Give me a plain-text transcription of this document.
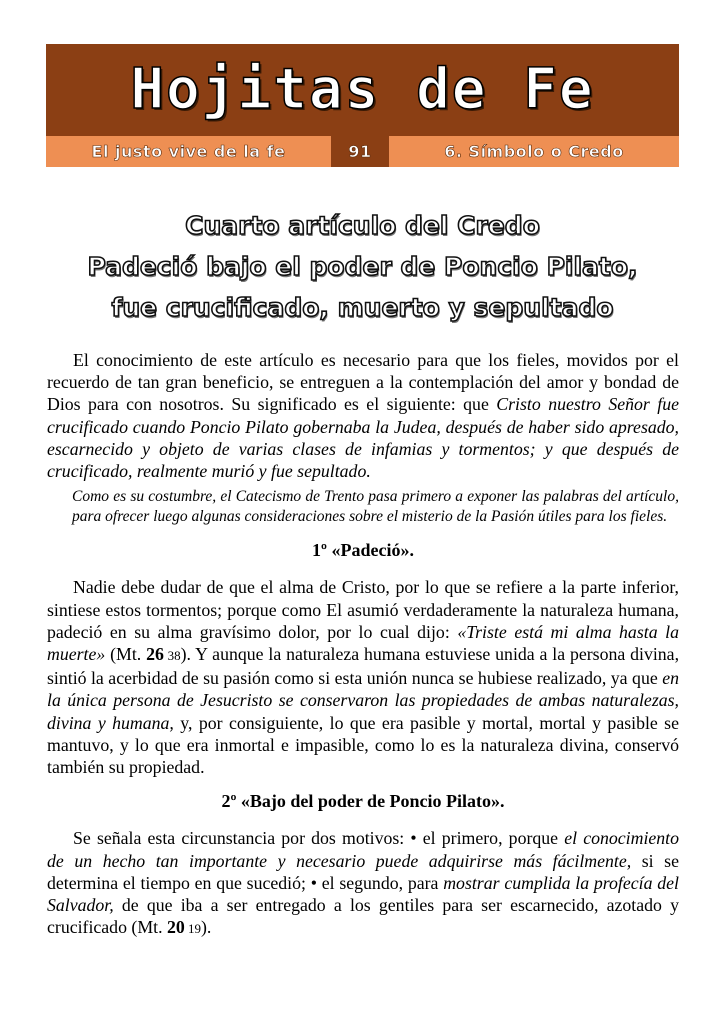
Hojitas de Fe
El justo vive de la fe	91	6. Símbolo o Credo
Cuarto artículo del Credo
Padeció bajo el poder de Poncio Pilato,
fue crucificado, muerto y sepultado

El conocimiento de este artículo es necesario para que los fieles, movidos por el recuerdo de tan gran beneficio, se entreguen a la contemplación del amor y bondad de Dios para con nosotros. Su significado es el siguiente: que Cristo nuestro Señor fue crucificado cuando Poncio Pilato gobernaba la Judea, después de haber sido apresado, escarnecido y objeto de varias clases de infamias y tormentos; y que después de crucificado, realmente murió y fue sepultado.

Como es su costumbre, el Catecismo de Trento pasa primero a exponer las palabras del artículo, para ofrecer luego algunas consideraciones sobre el misterio de la Pasión útiles para los fieles.

1º «Padeció».

Nadie debe dudar de que el alma de Cristo, por lo que se refiere a la parte inferior, sintiese estos tormentos; porque como El asumió verdaderamente la naturaleza humana, padeció en su alma gravísimo dolor, por lo cual dijo: «Triste está mi alma hasta la muerte» (Mt. 26 38). Y aunque la naturaleza humana estuviese unida a la persona divina, sintió la acerbidad de su pasión como si esta unión nunca se hubiese realizado, ya que en la única persona de Jesucristo se conservaron las propiedades de ambas naturalezas, divina y humana, y, por consiguiente, lo que era pasible y mortal, mortal y pasible se mantuvo, y lo que era inmortal e impasible, como lo es la naturaleza divina, conservó también su propiedad.

2º «Bajo del poder de Poncio Pilato».

Se señala esta circunstancia por dos motivos: • el primero, porque el conocimiento de un hecho tan importante y necesario puede adquirirse más fácilmente, si se determina el tiempo en que sucedió; • el segundo, para mostrar cumplida la profecía del Salvador, de que iba a ser entregado a los gentiles para ser escarnecido, azotado y crucificado (Mt. 20 19).
